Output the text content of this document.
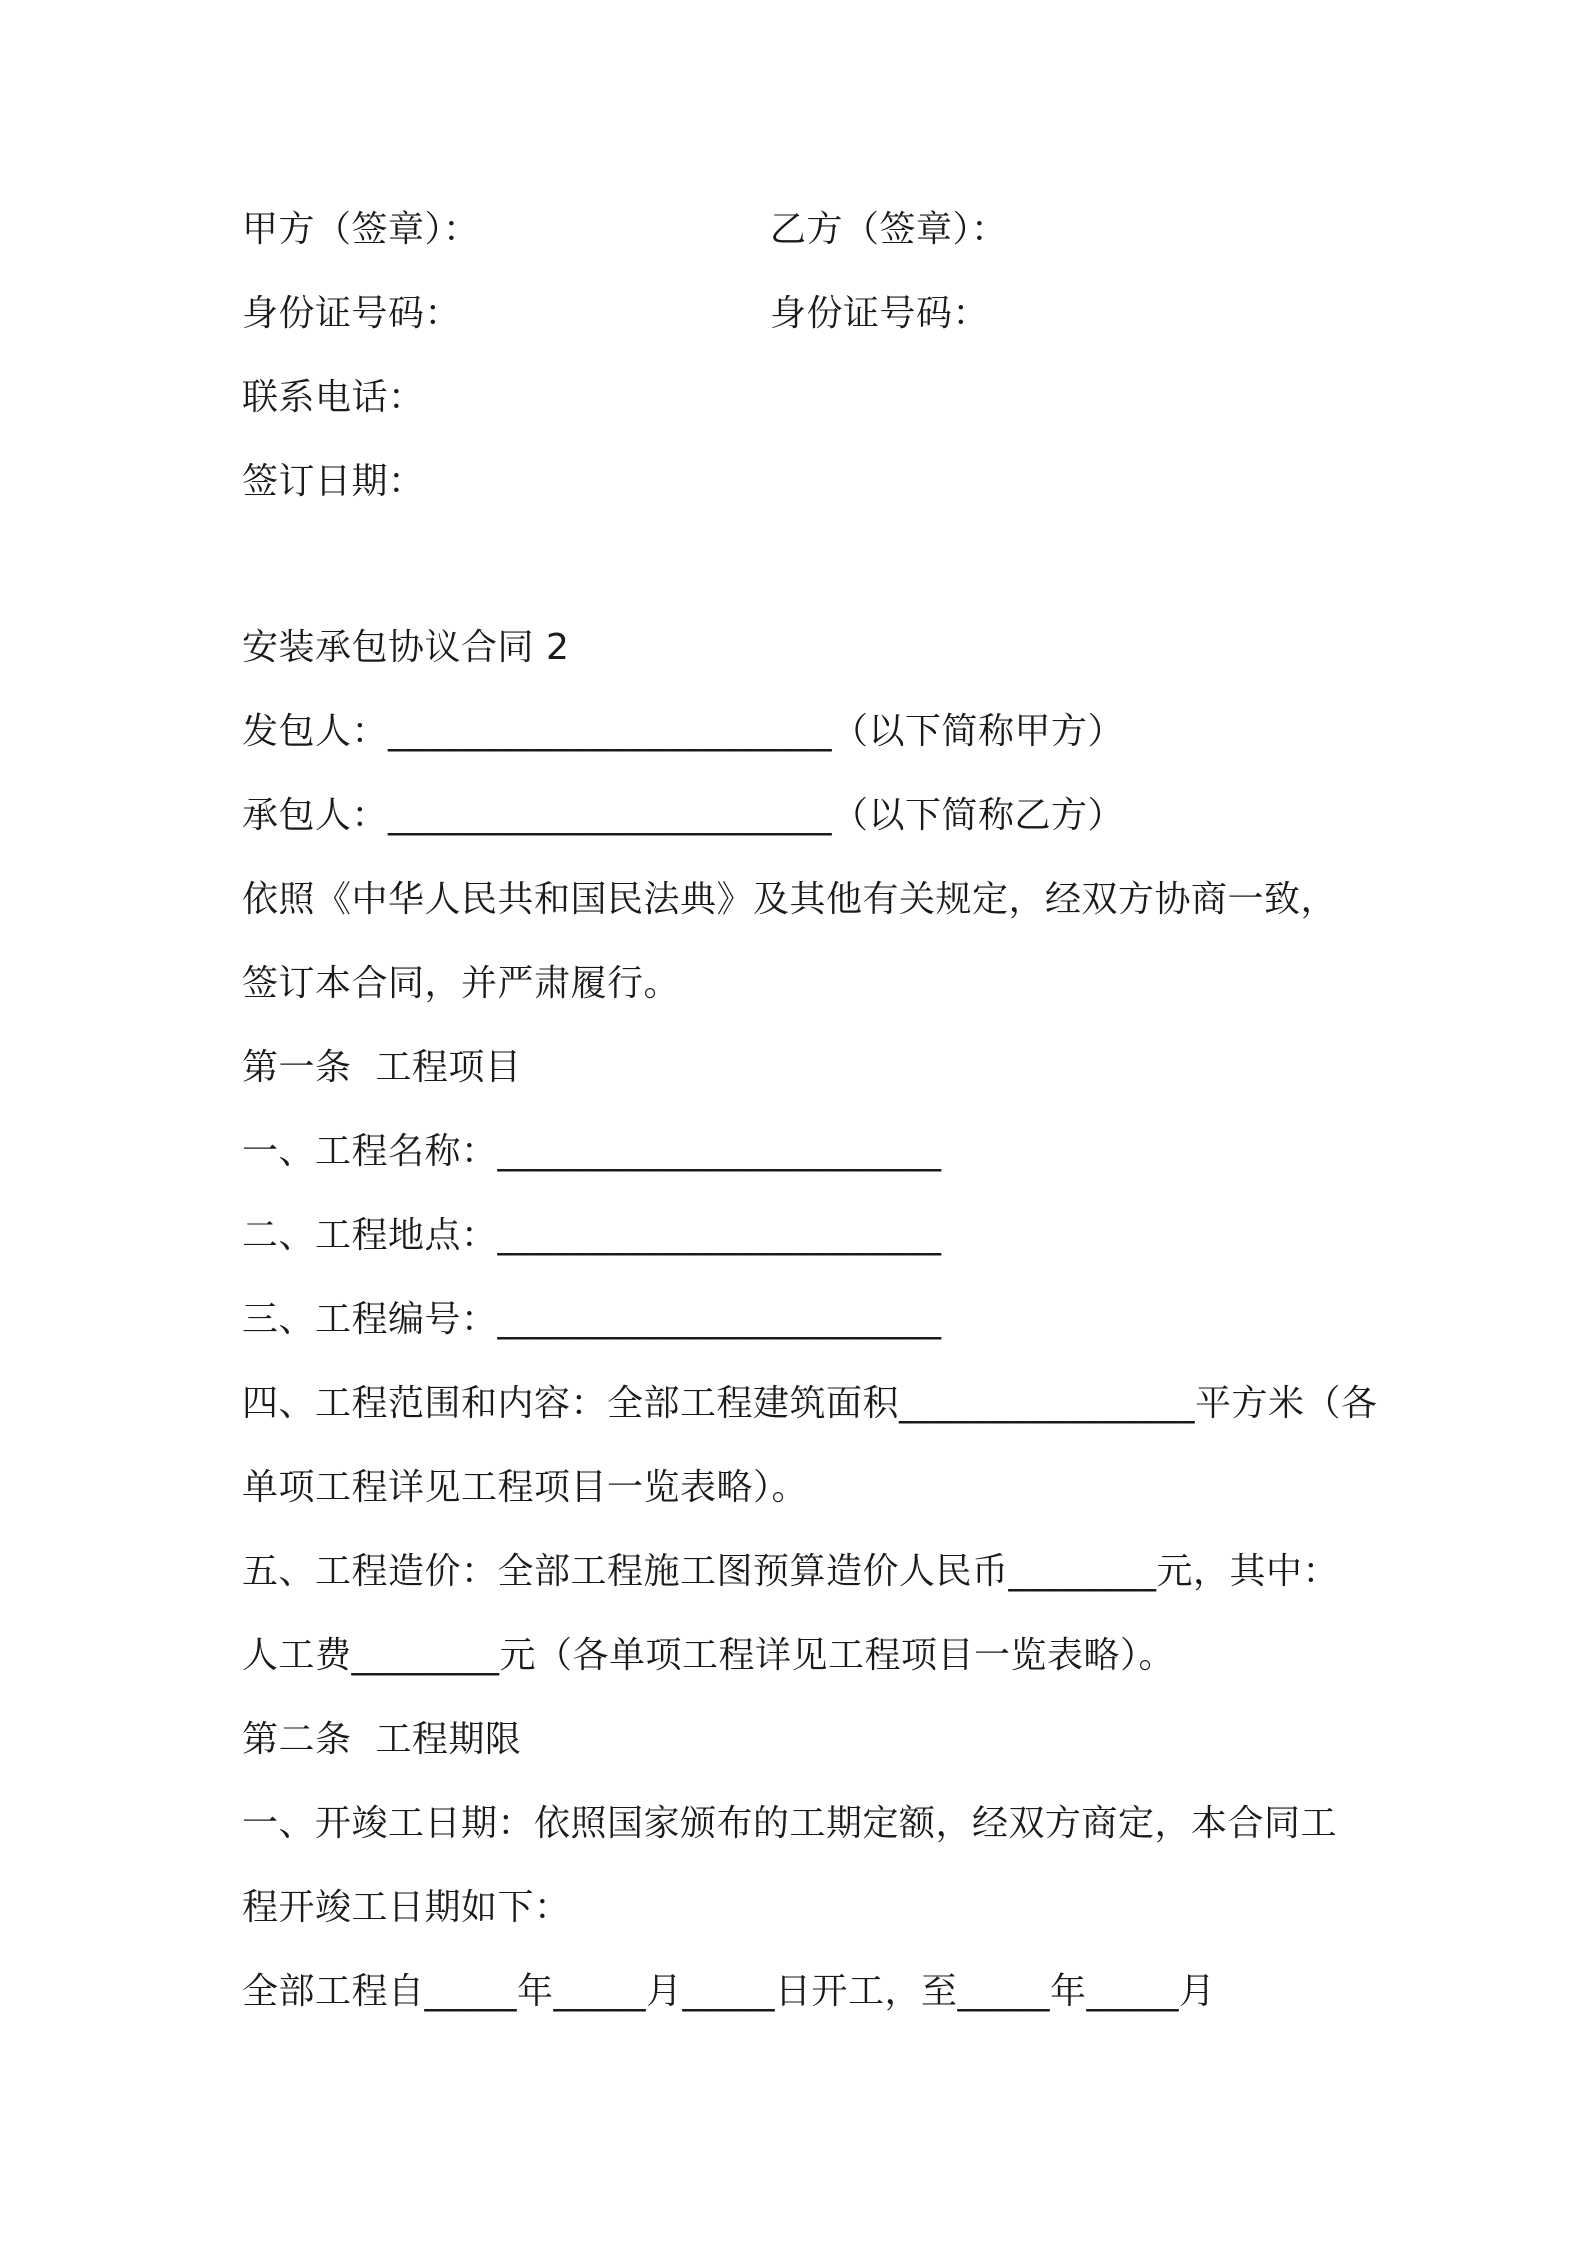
甲方（签章）：	乙方（签章）：
身份证号码：	身份证号码：
联系电话：
签订日期：
安装承包协议合同 2
发包人：________________________（以下简称甲方）
承包人：________________________（以下简称乙方）
依照《中华人民共和国民法典》及其他有关规定，经双方协商一致，
签订本合同，并严肃履行。
第一条  工程项目
一、工程名称：________________________
二、工程地点：________________________
三、工程编号：________________________
四、工程范围和内容：全部工程建筑面积________________平方米（各
单项工程详见工程项目一览表略）。
五、工程造价：全部工程施工图预算造价人民币________元，其中：
人工费________元（各单项工程详见工程项目一览表略）。
第二条  工程期限
一、开竣工日期：依照国家颁布的工期定额，经双方商定，本合同工
程开竣工日期如下：
全部工程自_____年_____月_____日开工，至_____年_____月
